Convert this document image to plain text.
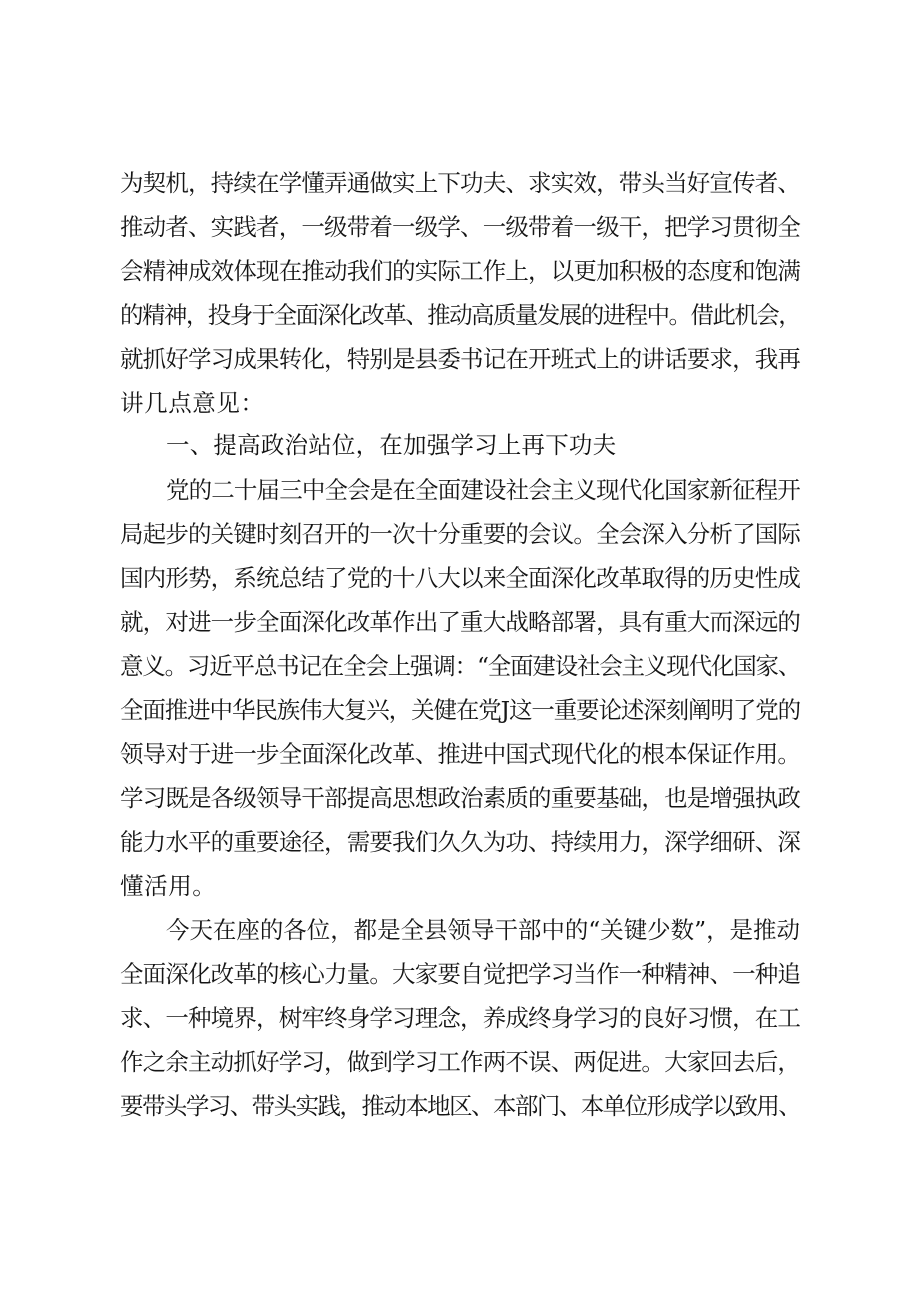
为契机，持续在学懂弄通做实上下功夫、求实效，带头当好宣传者、
推动者、实践者，一级带着一级学、一级带着一级干，把学习贯彻全
会精神成效体现在推动我们的实际工作上，以更加积极的态度和饱满
的精神，投身于全面深化改革、推动高质量发展的进程中。借此机会，
就抓好学习成果转化，特别是县委书记在开班式上的讲话要求，我再
讲几点意见：
一、提高政治站位，在加强学习上再下功夫
党的二十届三中全会是在全面建设社会主义现代化国家新征程开
局起步的关键时刻召开的一次十分重要的会议。全会深入分析了国际
国内形势，系统总结了党的十八大以来全面深化改革取得的历史性成
就，对进一步全面深化改革作出了重大战略部署，具有重大而深远的
意义。习近平总书记在全会上强调：“全面建设社会主义现代化国家、
全面推进中华民族伟大复兴，关健在党J这一重要论述深刻阐明了党的
领导对于进一步全面深化改革、推进中国式现代化的根本保证作用。
学习既是各级领导干部提高思想政治素质的重要基础，也是增强执政
能力水平的重要途径，需要我们久久为功、持续用力，深学细研、深
懂活用。
今天在座的各位，都是全县领导干部中的“关键少数”，是推动
全面深化改革的核心力量。大家要自觉把学习当作一种精神、一种追
求、一种境界，树牢终身学习理念，养成终身学习的良好习惯，在工
作之余主动抓好学习，做到学习工作两不误、两促进。大家回去后，
要带头学习、带头实践，推动本地区、本部门、本单位形成学以致用、
